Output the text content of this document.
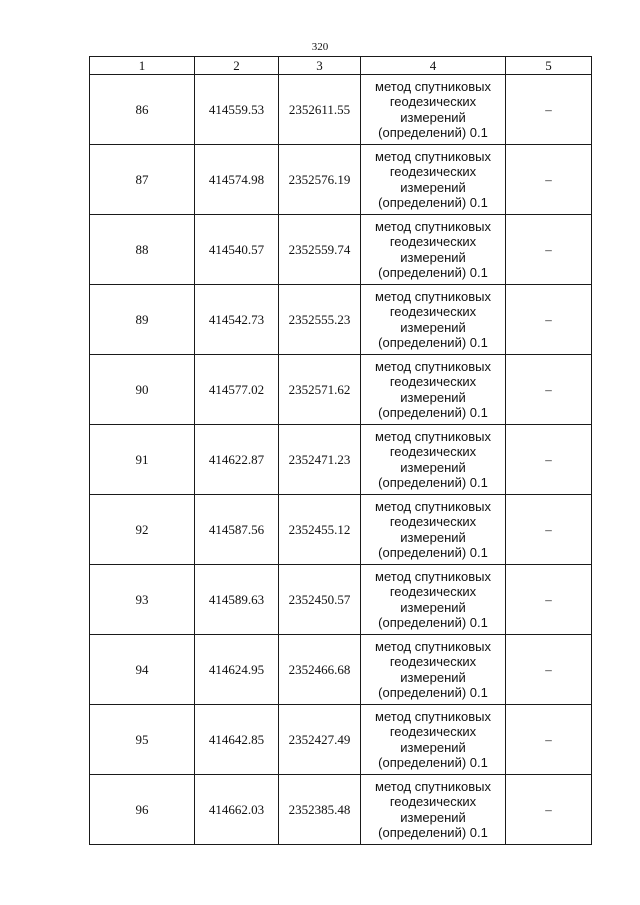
320
1	2	3	4	5
86	414559.53	2352611.55	метод спутниковых
геодезических
измерений
(определений) 0.1	–
87	414574.98	2352576.19	метод спутниковых
геодезических
измерений
(определений) 0.1	–
88	414540.57	2352559.74	метод спутниковых
геодезических
измерений
(определений) 0.1	–
89	414542.73	2352555.23	метод спутниковых
геодезических
измерений
(определений) 0.1	–
90	414577.02	2352571.62	метод спутниковых
геодезических
измерений
(определений) 0.1	–
91	414622.87	2352471.23	метод спутниковых
геодезических
измерений
(определений) 0.1	–
92	414587.56	2352455.12	метод спутниковых
геодезических
измерений
(определений) 0.1	–
93	414589.63	2352450.57	метод спутниковых
геодезических
измерений
(определений) 0.1	–
94	414624.95	2352466.68	метод спутниковых
геодезических
измерений
(определений) 0.1	–
95	414642.85	2352427.49	метод спутниковых
геодезических
измерений
(определений) 0.1	–
96	414662.03	2352385.48	метод спутниковых
геодезических
измерений
(определений) 0.1	–
